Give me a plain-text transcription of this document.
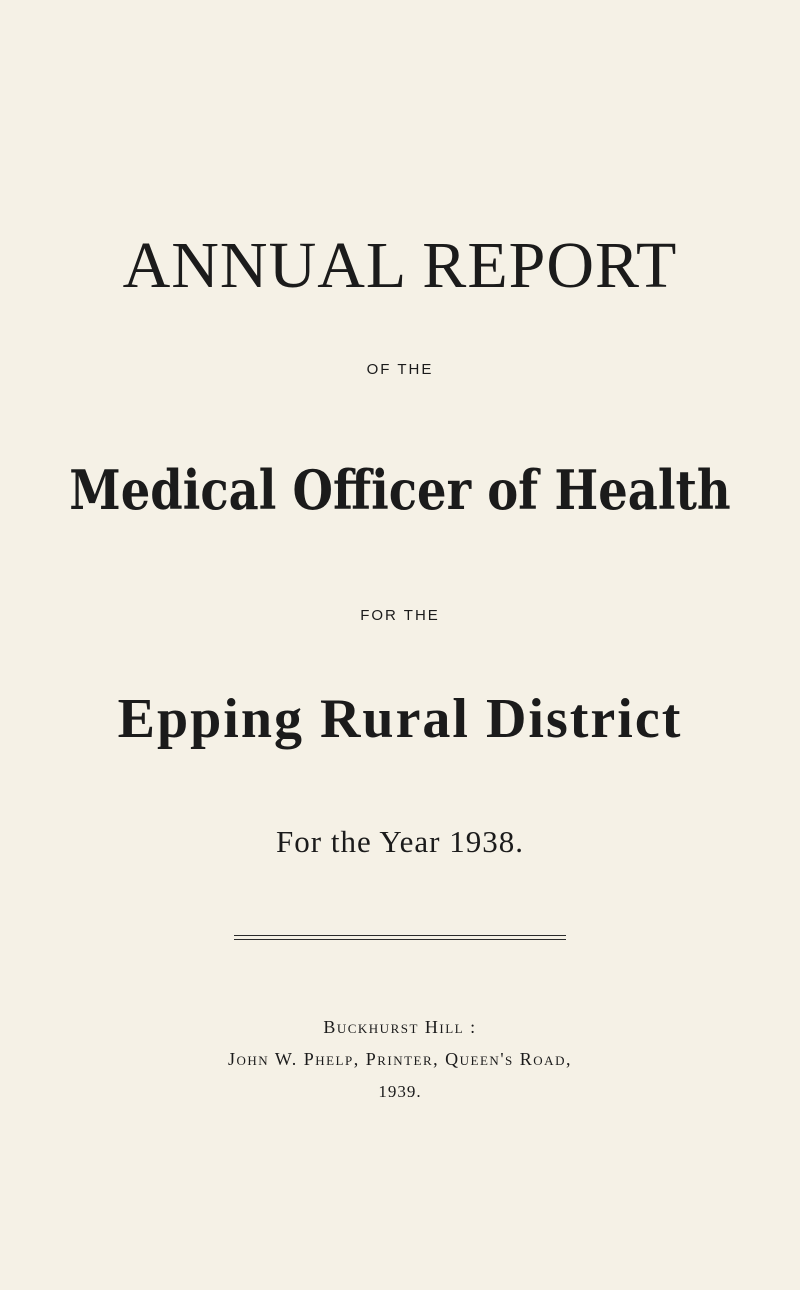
ANNUAL REPORT
OF THE
Medical Officer of Health
FOR THE
Epping Rural District
For the Year 1938.
Buckhurst Hill :
John W. Phelp, Printer, Queen's Road,
1939.
